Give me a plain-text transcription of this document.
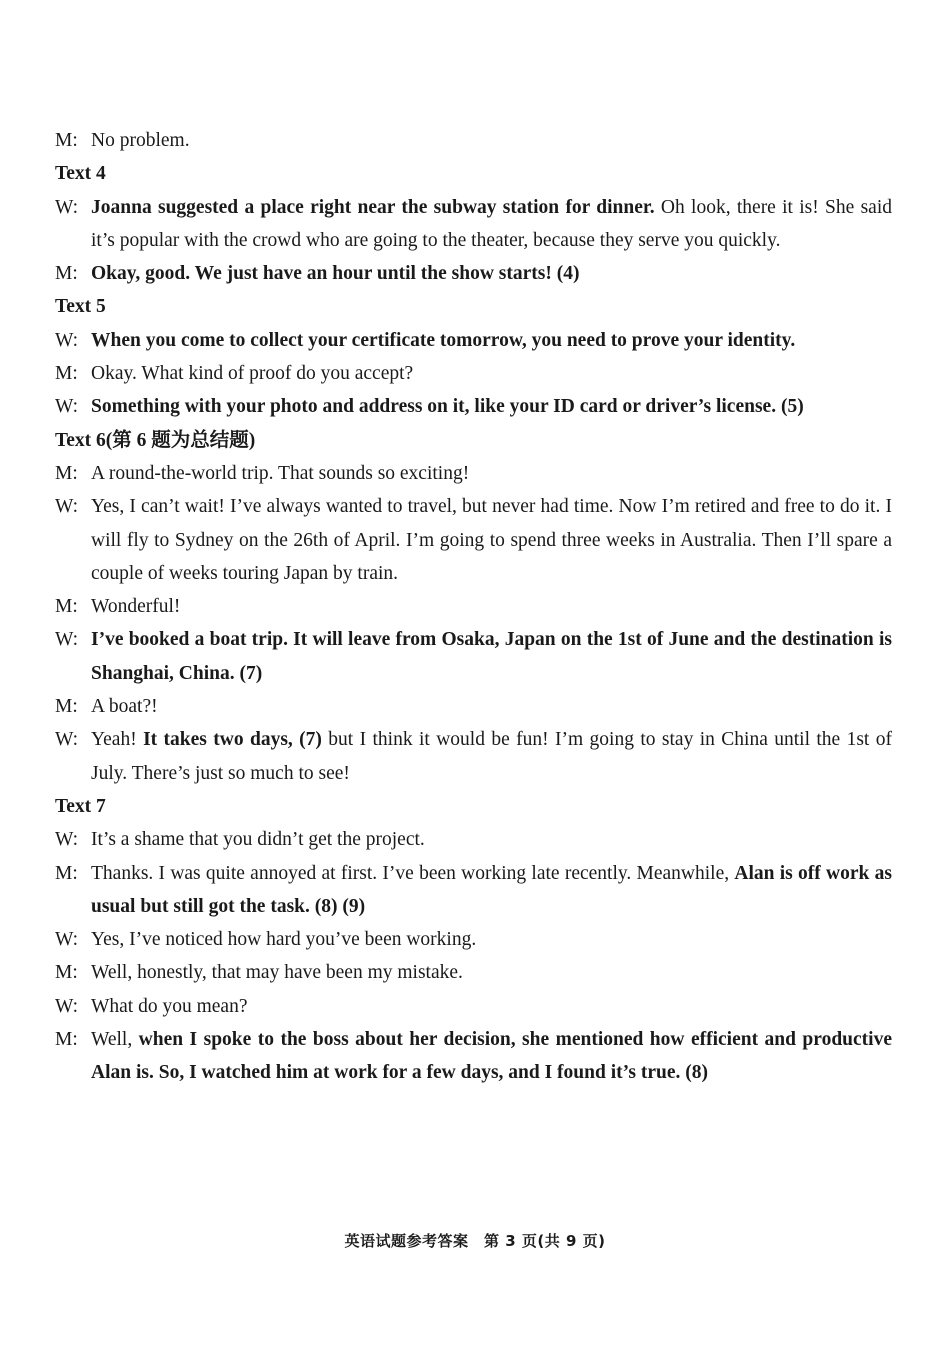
M: No problem.

Text 4

W: Joanna suggested a place right near the subway station for dinner. Oh look, there it is! She said it’s popular with the crowd who are going to the theater, because they serve you quickly.
M: Okay, good. We just have an hour until the show starts! (4)

Text 5

W: When you come to collect your certificate tomorrow, you need to prove your identity.
M: Okay. What kind of proof do you accept?
W: Something with your photo and address on it, like your ID card or driver’s license. (5)

Text 6(第 6 题为总结题)

M: A round-the-world trip. That sounds so exciting!
W: Yes, I can’t wait! I’ve always wanted to travel, but never had time. Now I’m retired and free to do it. I will fly to Sydney on the 26th of April. I’m going to spend three weeks in Australia. Then I’ll spare a couple of weeks touring Japan by train.
M: Wonderful!
W: I’ve booked a boat trip. It will leave from Osaka, Japan on the 1st of June and the destination is Shanghai, China. (7)
M: A boat?!
W: Yeah! It takes two days, (7) but I think it would be fun! I’m going to stay in China until the 1st of July. There’s just so much to see!

Text 7

W: It’s a shame that you didn’t get the project.
M: Thanks. I was quite annoyed at first. I’ve been working late recently. Meanwhile, Alan is off work as usual but still got the task. (8) (9)
W: Yes, I’ve noticed how hard you’ve been working.
M: Well, honestly, that may have been my mistake.
W: What do you mean?
M: Well, when I spoke to the boss about her decision, she mentioned how efficient and productive Alan is. So, I watched him at work for a few days, and I found it’s true. (8)
英语试题参考答案　第 3 页(共 9 页)
